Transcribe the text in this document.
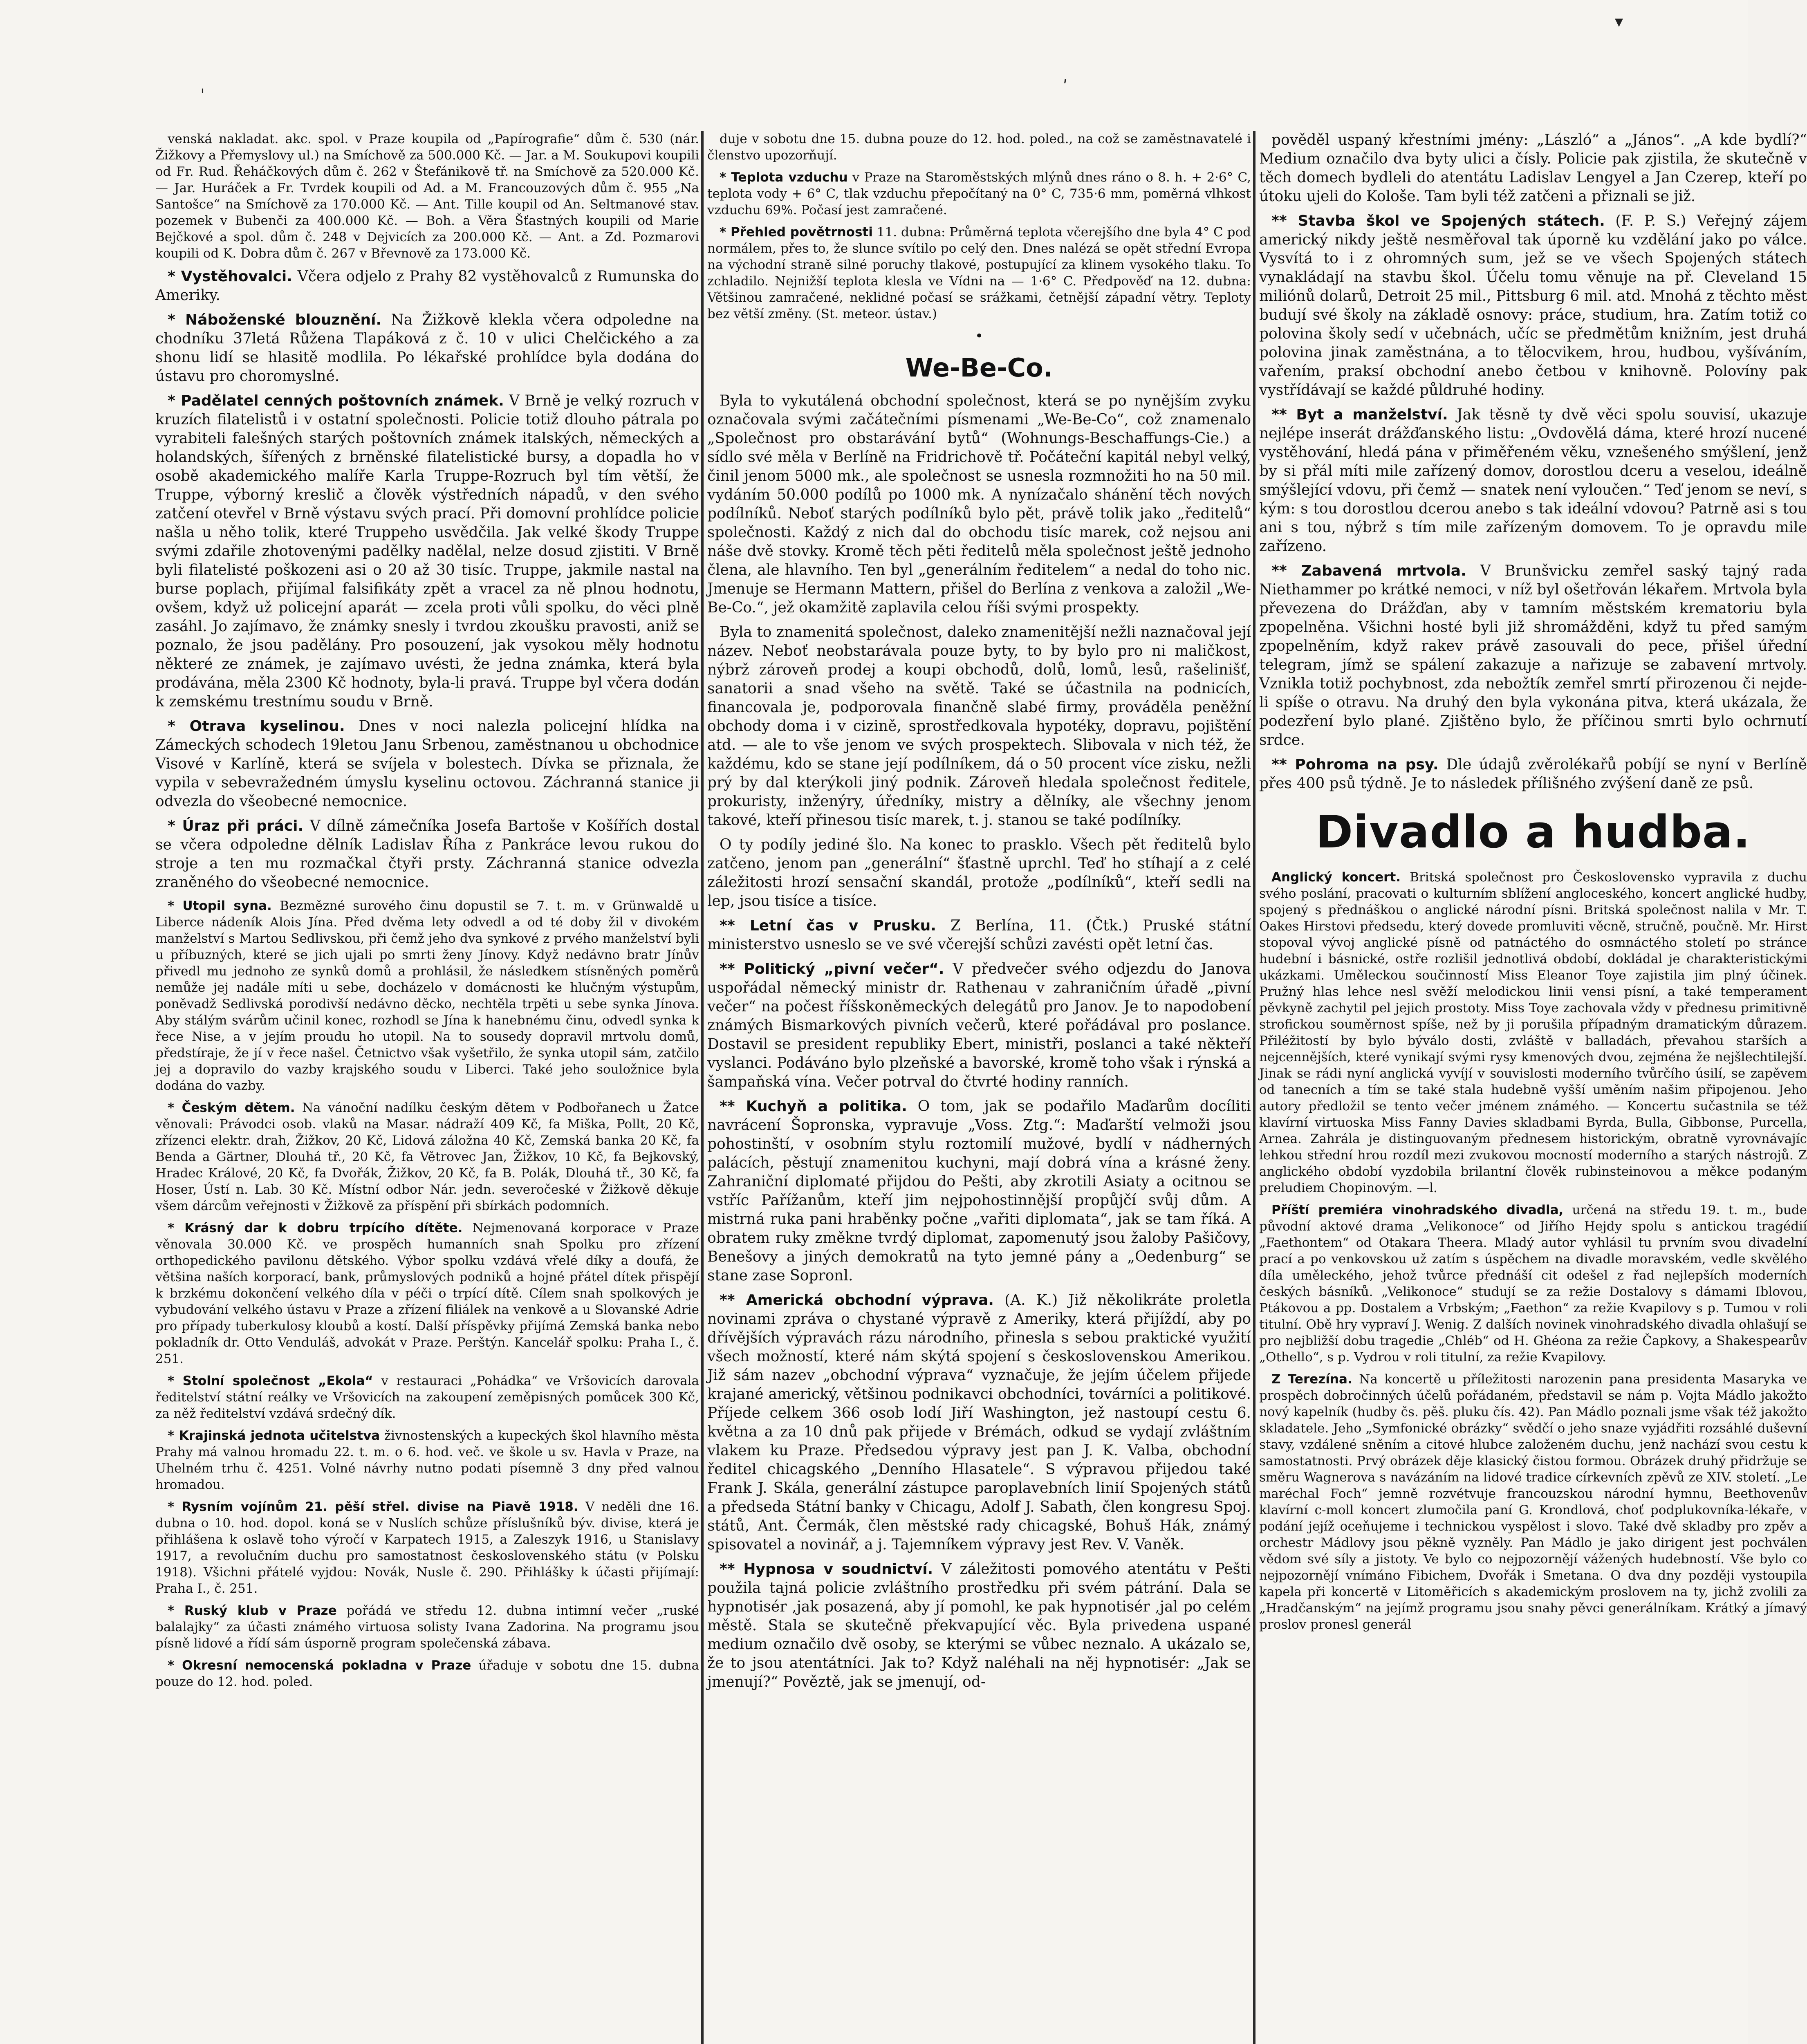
'	ʹ
▾

venská nakladat. akc. spol. v Praze koupila od „Papírografie“ dům č. 530 (nár. Žižkovy a Přemyslovy ul.) na Smíchově za 500.000 Kč. — Jar. a M. Soukupovi koupili od Fr. Rud. Řeháčkových dům č. 262 v Štefánikově tř. na Smíchově za 520.000 Kč. — Jar. Huráček a Fr. Tvrdek koupili od Ad. a M. Francouzových dům č. 955 „Na Santošce“ na Smíchově za 170.000 Kč. — Ant. Tille koupil od An. Seltmanové stav. pozemek v Bubenči za 400.000 Kč. — Boh. a Věra Šťastných koupili od Marie Bejčkové a spol. dům č. 248 v Dejvicích za 200.000 Kč. — Ant. a Zd. Pozmarovi koupili od K. Dobra dům č. 267 v Břevnově za 173.000 Kč.

* Vystěhovalci. Včera odjelo z Prahy 82 vystěhovalců z Rumunska do Ameriky.

* Náboženské blouznění. Na Žižkově klekla včera odpoledne na chodníku 37letá Růžena Tlapáková z č. 10 v ulici Chelčického a za shonu lidí se hlasitě modlila. Po lékařské prohlídce byla dodána do ústavu pro choromyslné.

* Padělatel cenných poštovních známek. V Brně je velký rozruch v kruzích filatelistů i v ostatní společnosti. Policie totiž dlouho pátrala po vyrabiteli falešných starých poštovních známek italských, německých a holandských, šířených z brněnské filatelistické bursy, a dopadla ho v osobě akademického malíře Karla Truppe-Rozruch byl tím větší, že Truppe, výborný kreslič a člověk výstředních nápadů, v den svého zatčení otevřel v Brně výstavu svých prací. Při domovní prohlídce policie našla u něho tolik, které Truppeho usvědčila. Jak velké škody Truppe svými zdařile zhotovenými padělky nadělal, nelze dosud zjistiti. V Brně byli filatelisté poškozeni asi o 20 až 30 tisíc. Truppe, jakmile nastal na burse poplach, přijímal falsifikáty zpět a vracel za ně plnou hodnotu, ovšem, když už policejní aparát — zcela proti vůli spolku, do věci plně zasáhl. Jo zajímavo, že známky snesly i tvrdou zkoušku pravosti, aniž se poznalo, že jsou padělány. Pro posouzení, jak vysokou měly hodnotu některé ze známek, je zajímavo uvésti, že jedna známka, která byla prodávána, měla 2300 Kč hodnoty, byla-li pravá. Truppe byl včera dodán k zemskému trestnímu soudu v Brně.

* Otrava kyselinou. Dnes v noci nalezla policejní hlídka na Zámeckých schodech 19letou Janu Srbenou, zaměstnanou u obchodnice Visové v Karlíně, která se svíjela v bolestech. Dívka se přiznala, že vypila v sebevražedném úmyslu kyselinu octovou. Záchranná stanice ji odvezla do všeobecné nemocnice.

* Úraz při práci. V dílně zámečníka Josefa Bartoše v Košířích dostal se včera odpoledne dělník Ladislav Říha z Pankráce levou rukou do stroje a ten mu rozmačkal čtyři prsty. Záchranná stanice odvezla zraněného do všeobecné nemocnice.

* Utopil syna. Bezmězné surového činu dopustil se 7. t. m. v Grünwaldě u Liberce nádeník Alois Jína. Před dvěma lety odvedl a od té doby žil v divokém manželství s Martou Sedlivskou, při čemž jeho dva synkové z prvého manželství byli u příbuzných, které se jich ujali po smrti ženy Jínovy. Když nedávno bratr Jínův přivedl mu jednoho ze synků domů a prohlásil, že následkem stísněných poměrů nemůže jej nadále míti u sebe, docházelo v domácnosti ke hlučným výstupům, poněvadž Sedlivská porodivší nedávno děcko, nechtěla trpěti u sebe synka Jínova. Aby stálým svárům učinil konec, rozhodl se Jína k hanebnému činu, odvedl synka k řece Nise, a v jejím proudu ho utopil. Na to sousedy dopravil mrtvolu domů, předstíraje, že jí v řece našel. Četnictvo však vyšetřilo, že synka utopil sám, zatčilo jej a dopravilo do vazby krajského soudu v Liberci. Také jeho souložnice byla dodána do vazby.

* Českým dětem. Na vánoční nadílku českým dětem v Podbořanech u Žatce věnovali: Právodci osob. vlaků na Masar. nádraží 409 Kč, fa Miška, Pollt, 20 Kč, zřízenci elektr. drah, Žižkov, 20 Kč, Lidová záložna 40 Kč, Zemská banka 20 Kč, fa Benda a Gärtner, Dlouhá tř., 20 Kč, fa Větrovec Jan, Žižkov, 10 Kč, fa Bejkovský, Hradec Králové, 20 Kč, fa Dvořák, Žižkov, 20 Kč, fa B. Polák, Dlouhá tř., 30 Kč, fa Hoser, Ústí n. Lab. 30 Kč. Místní odbor Nár. jedn. severočeské v Žižkově děkuje všem dárcům veřejnosti v Žižkově za příspění při sbírkách podomních.

* Krásný dar k dobru trpícího dítěte. Nejmenovaná korporace v Praze věnovala 30.000 Kč. ve prospěch humanních snah Spolku pro zřízení orthopedického pavilonu dětského. Výbor spolku vzdává vřelé díky a doufá, že většina naších korporací, bank, průmyslových podniků a hojné přátel dítek přispějí k brzkému dokončení velkého díla v péči o trpící dítě. Cílem snah spolkových je vybudování velkého ústavu v Praze a zřízení filiálek na venkově a u Slovanské Adrie pro případy tuberkulosy kloubů a kostí. Další příspěvky přijímá Zemská banka nebo pokladník dr. Otto Venduláš, advokát v Praze. Perštýn. Kancelář spolku: Praha I., č. 251.

* Stolní společnost „Ekola“ v restauraci „Pohádka“ ve Vršovicích darovala ředitelství státní reálky ve Vršovicích na zakoupení zeměpisných pomůcek 300 Kč, za něž ředitelství vzdává srdečný dík.

* Krajinská jednota učitelstva živnostenských a kupeckých škol hlavního města Prahy má valnou hromadu 22. t. m. o 6. hod. več. ve škole u sv. Havla v Praze, na Uhelném trhu č. 4251. Volné návrhy nutno podati písemně 3 dny před valnou hromadou.

* Rysním vojínům 21. pěší střel. divise na Piavě 1918. V neděli dne 16. dubna o 10. hod. dopol. koná se v Nuslích schůze příslušníků býv. divise, která je přihlášena k oslavě toho výročí v Karpatech 1915, a Zaleszyk 1916, u Stanislavy 1917, a revolučním duchu pro samostatnost československého státu (v Polsku 1918). Všichni přátelé vyjdou: Novák, Nusle č. 290. Přihlášky k účasti přijímají: Praha I., č. 251.

* Ruský klub v Praze pořádá ve středu 12. dubna intimní večer „ruské balalajky“ za účasti známého virtuosa solisty Ivana Zadorina. Na programu jsou písně lidové a řídí sám úsporně program společenská zábava.

* Okresní nemocenská pokladna v Praze úřaduje v sobotu dne 15. dubna pouze do 12. hod. poled.

duje v sobotu dne 15. dubna pouze do 12. hod. poled., na což se zaměstnavatelé i členstvo upozorňují.

* Teplota vzduchu v Praze na Staroměstských mlýnů dnes ráno o 8. h. + 2·6° C, teplota vody + 6° C, tlak vzduchu přepočítaný na 0° C, 735·6 mm, poměrná vlhkost vzduchu 69%. Počasí jest zamračené.

* Přehled povětrnosti 11. dubna: Průměrná teplota včerejšího dne byla 4° C pod normálem, přes to, že slunce svítilo po celý den. Dnes nalézá se opět střední Evropa na východní straně silné poruchy tlakové, postupující za klinem vysokého tlaku. To zchladilo. Nejnižší teplota klesla ve Vídni na — 1·6° C. Předpověď na 12. dubna: Většinou zamračené, neklidné počasí se srážkami, četnější západní větry. Teploty bez větší změny. (St. meteor. ústav.)

•
We-Be-Co.

Byla to vykutálená obchodní společnost, která se po nynějším zvyku označovala svými začátečními písmenami „We-Be-Co“, což znamenalo „Společnost pro obstarávání bytů“ (Wohnungs-Beschaffungs-Cie.) a sídlo své měla v Berlíně na Fridrichově tř. Počáteční kapitál nebyl velký, činil jenom 5000 mk., ale společnost se usnesla rozmnožiti ho na 50 mil. vydáním 50.000 podílů po 1000 mk. A nynízačalo shánění těch nových podílníků. Neboť starých podílníků bylo pět, právě tolik jako „ředitelů“ společnosti. Každý z nich dal do obchodu tisíc marek, což nejsou ani náše dvě stovky. Kromě těch pěti ředitelů měla společnost ještě jednoho člena, ale hlavního. Ten byl „generálním ředitelem“ a nedal do toho nic. Jmenuje se Hermann Mattern, přišel do Berlína z venkova a založil „We-Be-Co.“, jež okamžitě zaplavila celou říši svými prospekty.

Byla to znamenitá společnost, daleko znamenitější nežli naznačoval její název. Neboť neobstarávala pouze byty, to by bylo pro ni maličkost, nýbrž zároveň prodej a koupi obchodů, dolů, lomů, lesů, rašelinišť, sanatorii a snad všeho na světě. Také se účastnila na podnicích, financovala je, podporovala finančně slabé firmy, prováděla peněžní obchody doma i v cizině, sprostředkovala hypotéky, dopravu, pojištění atd. — ale to vše jenom ve svých prospektech. Slibovala v nich též, že každému, kdo se stane její podílníkem, dá o 50 procent více zisku, nežli prý by dal kterýkoli jiný podnik. Zároveň hledala společnost ředitele, prokuristy, inženýry, úředníky, mistry a dělníky, ale všechny jenom takové, kteří přinesou tisíc marek, t. j. stanou se také podílníky.

O ty podíly jediné šlo. Na konec to prasklo. Všech pět ředitelů bylo zatčeno, jenom pan „generální“ šťastně uprchl. Teď ho stíhají a z celé záležitosti hrozí sensační skandál, protože „podílníků“, kteří sedli na lep, jsou tisíce a tisíce.

** Letní čas v Prusku. Z Berlína, 11. (Čtk.) Pruské státní ministerstvo usneslo se ve své včerejší schůzi zavésti opět letní čas.

** Politický „pivní večer“. V předvečer svého odjezdu do Janova uspořádal německý ministr dr. Rathenau v zahraničním úřadě „pivní večer“ na počest říšskoněmeckých delegátů pro Janov. Je to napodobení známých Bismarkových pivních večerů, které pořádával pro poslance. Dostavil se president republiky Ebert, ministři, poslanci a také někteří vyslanci. Podáváno bylo plzeňské a bavorské, kromě toho však i rýnská a šampaňská vína. Večer potrval do čtvrté hodiny ranních.

** Kuchyň a politika. O tom, jak se podařilo Maďarům docíliti navrácení Šopronska, vypravuje „Voss. Ztg.“: Maďarští velmoži jsou pohostinští, v osobním stylu roztomilí mužové, bydlí v nádherných palácích, pěstují znamenitou kuchyni, mají dobrá vína a krásné ženy. Zahraniční diplomaté přijdou do Pešti, aby zkrotili Asiaty a ocitnou se vstříc Pařížanům, kteří jim nejpohostinnější propůjčí svůj dům. A mistrná ruka pani hraběnky počne „vařiti diplomata“, jak se tam říká. A obratem ruky změkne tvrdý diplomat, zapomenutý jsou žaloby Pašičovy, Benešovy a jiných demokratů na tyto jemné pány a „Oedenburg“ se stane zase Sopronl.

** Americká obchodní výprava. (A. K.) Již několikráte proletla novinami zpráva o chystané výpravě z Ameriky, která přijíždí, aby po dřívějších výpravách rázu národního, přinesla s sebou praktické využití všech možností, které nám skýtá spojení s československou Amerikou. Již sám nazev „obchodní výprava“ vyznačuje, že jejím účelem přijede krajané americký, většinou podnikavci obchodníci, továrníci a politikové. Příjede celkem 366 osob lodí Jiří Washington, jež nastoupí cestu 6. května a za 10 dnů pak přijede v Brémách, odkud se vydají zvláštním vlakem ku Praze. Předsedou výpravy jest pan J. K. Valba, obchodní ředitel chicagského „Denního Hlasatele“. S výpravou přijedou také Frank J. Skála, generální zástupce paroplavebních linií Spojených států a předseda Státní banky v Chicagu, Adolf J. Sabath, člen kongresu Spoj. států, Ant. Čermák, člen městské rady chicagské, Bohuš Hák, známý spisovatel a novinář, a j. Tajemníkem výpravy jest Rev. V. Vaněk.

** Hypnosa v soudnictví. V záležitosti pomového atentátu v Pešti použila tajná policie zvláštního prostředku při svém pátrání. Dala se hypnotisér ,jak posazená, aby jí pomohl, ke pak hypnotisér ,jal po celém městě. Stala se skutečně překvapující věc. Byla privedena uspané medium označilo dvě osoby, se kterými se vůbec neznalo. A ukázalo se, že to jsou atentátníci. Jak to? Když naléhali na něj hypnotisér: „Jak se jmenují?“ Pověztě, jak se jmenují, od-

pověděl uspaný křestními jmény: „László“ a „János“. „A kde bydlí?“ Medium označilo dva byty ulici a čísly. Policie pak zjistila, že skutečně v těch domech bydleli do atentátu Ladislav Lengyel a Jan Czerep, kteří po útoku ujeli do Kološe. Tam byli též zatčeni a přiznali se již.

** Stavba škol ve Spojených státech. (F. P. S.) Veřejný zájem americký nikdy ještě nesměřoval tak úporně ku vzdělání jako po válce. Vysvítá to i z ohromných sum, jež se ve všech Spojených státech vynakládají na stavbu škol. Účelu tomu věnuje na př. Cleveland 15 miliónů dolarů, Detroit 25 mil., Pittsburg 6 mil. atd. Mnohá z těchto měst budují své školy na základě osnovy: práce, studium, hra. Zatím totiž co polovina školy sedí v učebnách, učíc se předmětům knižním, jest druhá polovina jinak zaměstnána, a to tělocvikem, hrou, hudbou, vyšíváním, vařením, praksí obchodní anebo četbou v knihovně. Polovíny pak vystřídávají se každé půldruhé hodiny.

** Byt a manželství. Jak těsně ty dvě věci spolu souvisí, ukazuje nejlépe inserát drážďanského listu: „Ovdovělá dáma, které hrozí nucené vystěhování, hledá pána v přiměřeném věku, vznešeného smýšlení, jenž by si přál míti mile zařízený domov, dorostlou dceru a veselou, ideálně smýšlející vdovu, při čemž — snatek není vyloučen.“ Teď jenom se neví, s kým: s tou dorostlou dcerou anebo s tak ideální vdovou? Patrně asi s tou ani s tou, nýbrž s tím mile zařízeným domovem. To je opravdu mile zařízeno.

** Zabavená mrtvola. V Brunšvicku zemřel saský tajný rada Niethammer po krátké nemoci, v níž byl ošetřován lékařem. Mrtvola byla převezena do Drážďan, aby v tamním městském krematoriu byla zpopelněna. Všichni hosté byli již shromážděni, když tu před samým zpopelněním, když rakev právě zasouvali do pece, přišel úřední telegram, jímž se spálení zakazuje a nařizuje se zabavení mrtvoly. Vznikla totiž pochybnost, zda nebožtík zemřel smrtí přirozenou či nejde-li spíše o otravu. Na druhý den byla vykonána pitva, která ukázala, že podezření bylo plané. Zjištěno bylo, že příčinou smrti bylo ochrnutí srdce.

** Pohroma na psy. Dle údajů zvěrolékařů pobíjí se nyní v Berlíně přes 400 psů týdně. Je to následek přílišného zvýšení daně ze psů.

Divadlo a hudba.

Anglický koncert. Britská společnost pro Československo vypravila z duchu svého poslání, pracovati o kulturním sblížení angloceského, koncert anglické hudby, spojený s přednáškou o anglické národní písni. Britská společnost nalila v Mr. T. Oakes Hirstovi předsedu, který dovede promluviti věcně, stručně, poučně. Mr. Hirst stopoval vývoj anglické písně od patnáctého do osmnáctého století po stránce hudební i básnické, ostře rozlišil jednotlivá období, dokládal je charakteristickými ukázkami. Uměleckou součinností Miss Eleanor Toye zajistila jim plný účinek. Pružný hlas lehce nesl svěží melodickou linii vensi písní, a také temperament pěvkyně zachytil pel jejich prostoty. Miss Toye zachovala vždy v přednesu primitivně strofickou souměrnost spíše, než by ji porušila případným dramatickým důrazem. Přiléžitostí by bylo býválo dosti, zvláště v balladách, převahou starších a nejcennějších, které vynikají svými rysy kmenových dvou, zejména že nejšlechtilejší. Jinak se rádi nyní anglická vyvíjí v souvislosti moderního tvůrčího úsilí, se zapěvem od tanecních a tím se také stala hudebně vyšší uměním našim připojenou. Jeho autory předložil se tento večer jménem známého. — Koncertu sučastnila se též klavírní virtuoska Miss Fanny Davies skladbami Byrda, Bulla, Gibbonse, Purcella, Arnea. Zahrála je distinguovaným přednesem historickým, obratně vyrovnávajíc lehkou střední hrou rozdíl mezi zvukovou mocností moderního a starých nástrojů. Z anglického období vyzdobila brilantní člověk rubinsteinovou a měkce podaným preludiem Chopinovým. —l.

Příští premiéra vinohradského divadla, určená na středu 19. t. m., bude původní aktové drama „Velikonoce“ od Jiřího Hejdy spolu s antickou tragédií „Faethontem“ od Otakara Theera. Mladý autor vyhlásil tu prvním svou divadelní prací a po venkovskou už zatím s úspěchem na divadle moravském, vedle skvělého díla uměleckého, jehož tvůrce přednáší cit odešel z řad nejlepších moderních českých básníků. „Velikonoce“ studují se za režie Dostalovy s dámami Iblovou, Ptákovou a pp. Dostalem a Vrbským; „Faethon“ za režie Kvapilovy s p. Tumou v roli titulní. Obě hry vypraví J. Wenig. Z dalších novinek vinohradského divadla ohlašují se pro nejbližší dobu tragedie „Chléb“ od H. Ghéona za režie Čapkovy, a Shakespearův „Othello“, s p. Vydrou v roli titulní, za režie Kvapilovy.

Z Terezína. Na koncertě u příležitosti narozenin pana presidenta Masaryka ve prospěch dobročinných účelů pořádaném, představil se nám p. Vojta Mádlo jakožto nový kapelník (hudby čs. pěš. pluku čís. 42). Pan Mádlo poznali jsme však též jakožto skladatele. Jeho „Symfonické obrázky“ svědčí o jeho snaze vyjádřiti rozsáhlé duševní stavy, vzdálené sněním a citové hlubce založeném duchu, jenž nachází svou cestu k samostatnosti. Prvý obrázek děje klasický čistou formou. Obrázek druhý přidržuje se směru Wagnerova s navázáním na lidové tradice církevních zpěvů ze XIV. století. „Le maréchal Foch“ jemně rozvétvuje francouzskou národní hymnu, Beethovenův klavírní c-moll koncert zlumočila paní G. Krondlová, choť podplukovníka-lékaře, v podání jejíž oceňujeme i technickou vyspělost i slovo. Také dvě skladby pro zpěv a orchestr Mádlovy jsou pěkně vyzněly. Pan Mádlo je jako dirigent jest pochválen vědom své síly a jistoty. Ve bylo co nejpozornějí vážených hudebností. Vše bylo co nejpozornějí vnímáno Fibichem, Dvořák i Smetana. O dva dny později vystoupila kapela při koncertě v Litoměřicích s akademickým proslovem na ty, jichž zvolili za „Hradčanským“ na jejímž programu jsou snahy pěvci generálníkam. Krátký a jímavý proslov pronesl generál
